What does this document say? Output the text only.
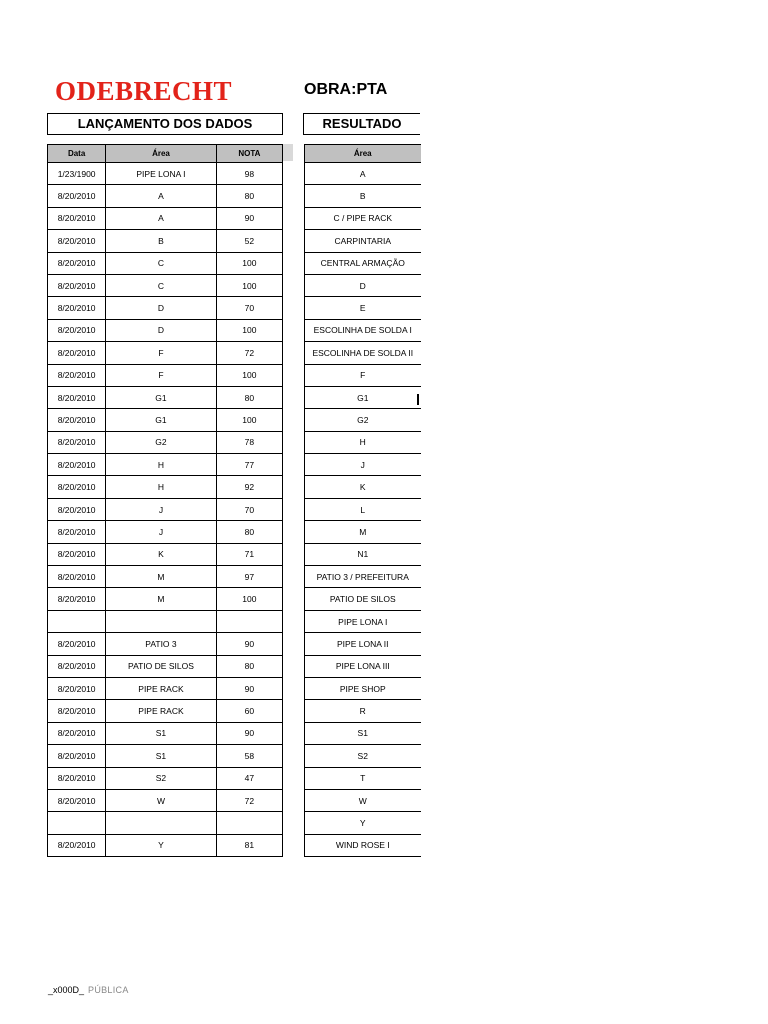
ODEBRECHT	OBRA:PTA
LANÇAMENTO DOS DADOS	RESULTADO
Data	Área	NOTA
1/23/1900	PIPE LONA I	98
8/20/2010	A	80
8/20/2010	A	90
8/20/2010	B	52
8/20/2010	C	100
8/20/2010	C	100
8/20/2010	D	70
8/20/2010	D	100
8/20/2010	F	72
8/20/2010	F	100
8/20/2010	G1	80
8/20/2010	G1	100
8/20/2010	G2	78
8/20/2010	H	77
8/20/2010	H	92
8/20/2010	J	70
8/20/2010	J	80
8/20/2010	K	71
8/20/2010	M	97
8/20/2010	M	100

8/20/2010	PATIO 3	90
8/20/2010	PATIO DE SILOS	80
8/20/2010	PIPE RACK	90
8/20/2010	PIPE RACK	60
8/20/2010	S1	90
8/20/2010	S1	58
8/20/2010	S2	47
8/20/2010	W	72

8/20/2010	Y	81
Área
A
B
C / PIPE RACK
CARPINTARIA
CENTRAL ARMAÇÃO
D
E
ESCOLINHA DE SOLDA I
ESCOLINHA DE SOLDA II
F
G1
G2
H
J
K
L
M
N1
PATIO 3 / PREFEITURA
PATIO DE SILOS
PIPE LONA I
PIPE LONA II
PIPE LONA III
PIPE SHOP
R
S1
S2
T
W
Y
WIND ROSE I
_x000D_ PÚBLICA
